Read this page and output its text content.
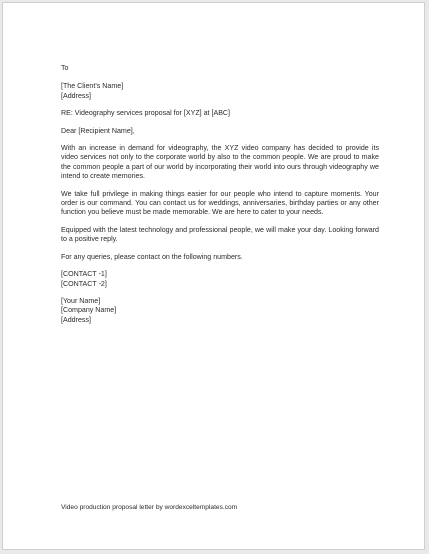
To

[The Client’s Name]

[Address]

RE: Videography services proposal for [XYZ] at [ABC]

Dear [Recipient Name],

With an increase in demand for videography, the XYZ video company has decided to provide its video services not only to the corporate world by also to the common people. We are proud to make the common people a part of our world by incorporating their world into ours through videography we intend to create memories.

We take full privilege in making things easier for our people who intend to capture moments. Your order is our command. You can contact us for weddings, anniversaries, birthday parties or any other function you believe must be made memorable. We are here to cater to your needs.

Equipped with the latest technology and professional people, we will make your day. Looking forward to a positive reply.

For any queries, please contact on the following numbers.

[CONTACT -1]

[CONTACT -2]

[Your Name]

[Company Name]

[Address]

Video production proposal letter by wordexceltemplates.com
